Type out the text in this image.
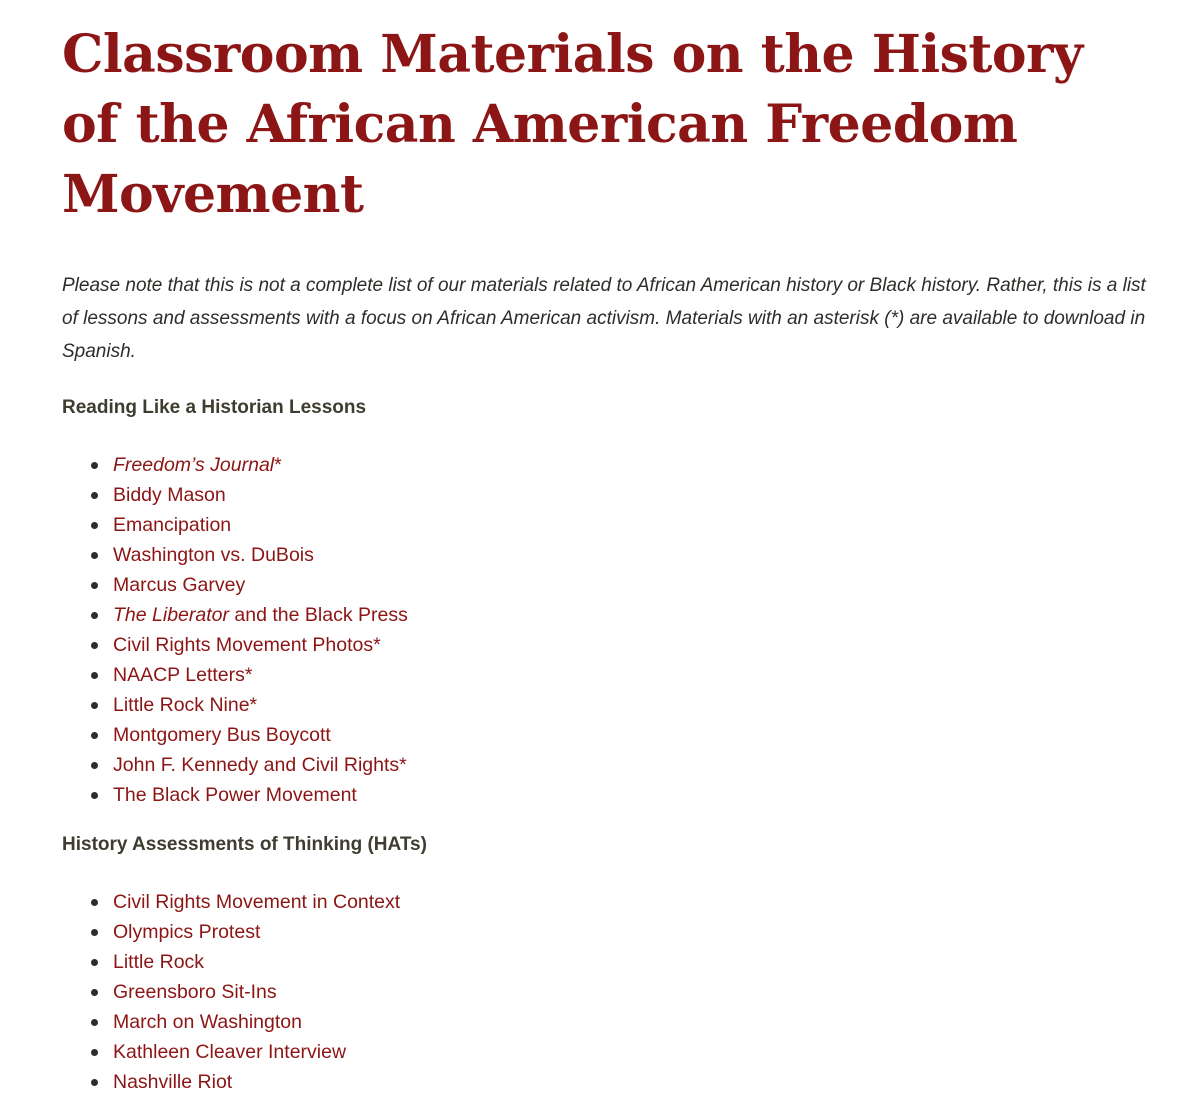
Classroom Materials on the History of the African American Freedom Movement

Please note that this is not a complete list of our materials related to African American history or Black history. Rather, this is a list of lessons and assessments with a focus on African American activism. Materials with an asterisk (*) are available to download in Spanish.

Reading Like a Historian Lessons
Freedom’s Journal*
Biddy Mason
Emancipation
Washington vs. DuBois
Marcus Garvey
The Liberator and the Black Press
Civil Rights Movement Photos*
NAACP Letters*
Little Rock Nine*
Montgomery Bus Boycott
John F. Kennedy and Civil Rights*
The Black Power Movement
History Assessments of Thinking (HATs)
Civil Rights Movement in Context
Olympics Protest
Little Rock
Greensboro Sit-Ins
March on Washington
Kathleen Cleaver Interview
Nashville Riot
